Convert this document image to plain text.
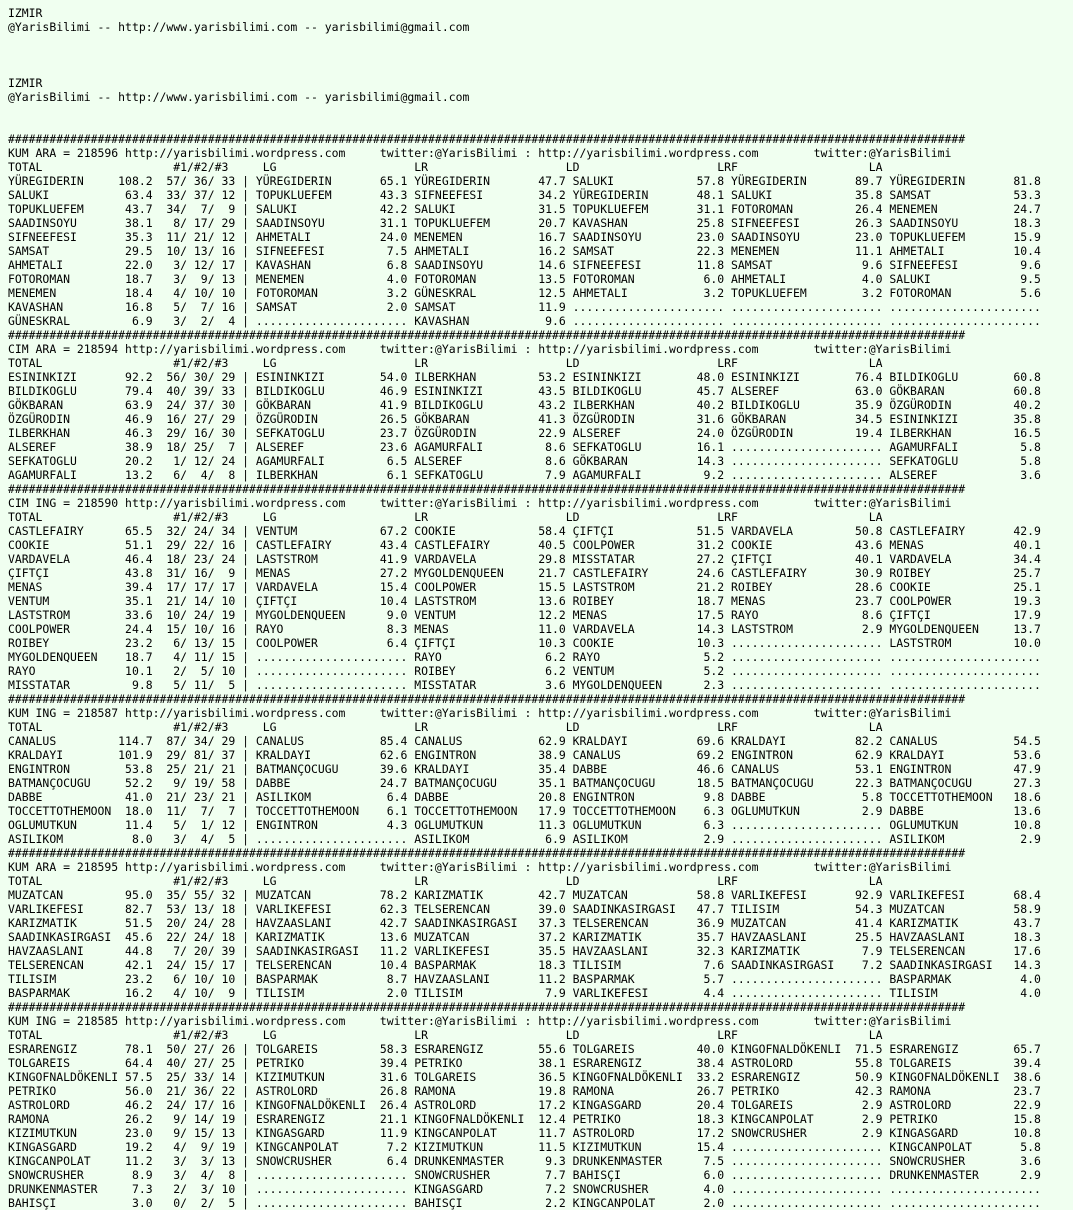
IZMIR
@YarisBilimi -- http://www.yarisbilimi.com -- yarisbilimi@gmail.com
IZMIR
@YarisBilimi -- http://www.yarisbilimi.com -- yarisbilimi@gmail.com
###########################################################################################################################################
KUM ARA = 218596 http://yarisbilimi.wordpress.com     twitter:@YarisBilimi : http://yarisbilimi.wordpress.com        twitter:@YarisBilimi
TOTAL                   #1/#2/#3     LG                    LR                    LD                    LRF                   LA
YÜREGIDERIN     108.2  57/ 36/ 33 | YÜREGIDERIN       65.1 YÜREGIDERIN       47.7 SALUKI            57.8 YÜREGIDERIN       89.7 YÜREGIDERIN       81.8
SALUKI           63.4  33/ 37/ 12 | TOPUKLUEFEM       43.3 SIFNEEFESI        34.2 YÜREGIDERIN       48.1 SALUKI            35.8 SAMSAT            53.3
TOPUKLUEFEM      43.7  34/  7/  9 | SALUKI            42.2 SALUKI            31.5 TOPUKLUEFEM       31.1 FOTOROMAN         26.4 MENEMEN           24.7
SAADINSOYU       38.1   8/ 17/ 29 | SAADINSOYU        31.1 TOPUKLUEFEM       20.7 KAVASHAN          25.8 SIFNEEFESI        26.3 SAADINSOYU        18.3
SIFNEEFESI       35.3  11/ 21/ 12 | AHMETALI          24.0 MENEMEN           16.7 SAADINSOYU        23.0 SAADINSOYU        23.0 TOPUKLUEFEM       15.9
SAMSAT           29.5  10/ 13/ 16 | SIFNEEFESI         7.5 AHMETALI          16.2 SAMSAT            22.3 MENEMEN           11.1 AHMETALI          10.4
AHMETALI         22.0   3/ 12/ 17 | KAVASHAN           6.8 SAADINSOYU        14.6 SIFNEEFESI        11.8 SAMSAT             9.6 SIFNEEFESI         9.6
FOTOROMAN        18.7   3/  9/ 13 | MENEMEN            4.0 FOTOROMAN         13.5 FOTOROMAN          6.0 AHMETALI           4.0 SALUKI             9.5
MENEMEN          18.4   4/ 10/ 10 | FOTOROMAN          3.2 GÜNESKRAL         12.5 AHMETALI           3.2 TOPUKLUEFEM        3.2 FOTOROMAN          5.6
KAVASHAN         16.8   5/  7/ 16 | SAMSAT             2.0 SAMSAT            11.9 ...................... ...................... ......................
GÜNESKRAL         6.9   3/  2/  4 | ...................... KAVASHAN           9.6 ...................... ...................... ......................
###########################################################################################################################################
CIM ARA = 218594 http://yarisbilimi.wordpress.com     twitter:@YarisBilimi : http://yarisbilimi.wordpress.com        twitter:@YarisBilimi
TOTAL                   #1/#2/#3     LG                    LR                    LD                    LRF                   LA
ESININKIZI       92.2  56/ 30/ 29 | ESININKIZI        54.0 ILBERKHAN         53.2 ESININKIZI        48.0 ESININKIZI        76.4 BILDIKOGLU        60.8
BILDIKOGLU       79.4  40/ 39/ 33 | BILDIKOGLU        46.9 ESININKIZI        43.5 BILDIKOGLU        45.7 ALSEREF           63.0 GÖKBARAN          60.8
GÖKBARAN         63.9  24/ 37/ 30 | GÖKBARAN          41.9 BILDIKOGLU        43.2 ILBERKHAN         40.2 BILDIKOGLU        35.9 ÖZGÜRODIN         40.2
ÖZGÜRODIN        46.9  16/ 27/ 29 | ÖZGÜRODIN         26.5 GÖKBARAN          41.3 ÖZGÜRODIN         31.6 GÖKBARAN          34.5 ESININKIZI        35.8
ILBERKHAN        46.3  29/ 16/ 30 | SEFKATOGLU        23.7 ÖZGÜRODIN         22.9 ALSEREF           24.0 ÖZGÜRODIN         19.4 ILBERKHAN         16.5
ALSEREF          38.9  18/ 25/  7 | ALSEREF           23.6 AGAMURFALI         8.6 SEFKATOGLU        16.1 ...................... AGAMURFALI         5.8
SEFKATOGLU       20.2   1/ 12/ 24 | AGAMURFALI         6.5 ALSEREF            8.6 GÖKBARAN          14.3 ...................... SEFKATOGLU         5.8
AGAMURFALI       13.2   6/  4/  8 | ILBERKHAN          6.1 SEFKATOGLU         7.9 AGAMURFALI         9.2 ...................... ALSEREF            3.6
###########################################################################################################################################
CIM ING = 218590 http://yarisbilimi.wordpress.com     twitter:@YarisBilimi : http://yarisbilimi.wordpress.com        twitter:@YarisBilimi
TOTAL                   #1/#2/#3     LG                    LR                    LD                    LRF                   LA
CASTLEFAIRY      65.5  32/ 24/ 34 | VENTUM            67.2 COOKIE            58.4 ÇIFTÇI            51.5 VARDAVELA         50.8 CASTLEFAIRY       42.9
COOKIE           51.1  29/ 22/ 16 | CASTLEFAIRY       43.4 CASTLEFAIRY       40.5 COOLPOWER         31.2 COOKIE            43.6 MENAS             40.1
VARDAVELA        46.4  18/ 23/ 24 | LASTSTROM         41.9 VARDAVELA         29.8 MISSTATAR         27.2 ÇIFTÇI            40.1 VARDAVELA         34.4
ÇIFTÇI           43.8  31/ 16/  9 | MENAS             27.2 MYGOLDENQUEEN     21.7 CASTLEFAIRY       24.6 CASTLEFAIRY       30.9 ROIBEY            25.7
MENAS            39.4  17/ 17/ 17 | VARDAVELA         15.4 COOLPOWER         15.5 LASTSTROM         21.2 ROIBEY            28.6 COOKIE            25.1
VENTUM           35.1  21/ 14/ 10 | ÇIFTÇI            10.4 LASTSTROM         13.6 ROIBEY            18.7 MENAS             23.7 COOLPOWER         19.3
LASTSTROM        33.6  10/ 24/ 19 | MYGOLDENQUEEN      9.0 VENTUM            12.2 MENAS             17.5 RAYO               8.6 ÇIFTÇI            17.9
COOLPOWER        24.4  15/ 10/ 16 | RAYO               8.3 MENAS             11.0 VARDAVELA         14.3 LASTSTROM          2.9 MYGOLDENQUEEN     13.7
ROIBEY           23.2   6/ 13/ 15 | COOLPOWER          6.4 ÇIFTÇI            10.3 COOKIE            10.3 ...................... LASTSTROM         10.0
MYGOLDENQUEEN    18.7   4/ 11/ 15 | ...................... RAYO               6.2 RAYO               5.2 ...................... ......................
RAYO             10.1   2/  5/ 10 | ...................... ROIBEY             6.2 VENTUM             5.2 ...................... ......................
MISSTATAR         9.8   5/ 11/  5 | ...................... MISSTATAR          3.6 MYGOLDENQUEEN      2.3 ...................... ......................
###########################################################################################################################################
KUM ING = 218587 http://yarisbilimi.wordpress.com     twitter:@YarisBilimi : http://yarisbilimi.wordpress.com        twitter:@YarisBilimi
TOTAL                   #1/#2/#3     LG                    LR                    LD                    LRF                   LA
CANALUS         114.7  87/ 34/ 29 | CANALUS           85.4 CANALUS           62.9 KRALDAYI          69.6 KRALDAYI          82.2 CANALUS           54.5
KRALDAYI        101.9  29/ 81/ 37 | KRALDAYI          62.6 ENGINTRON         38.9 CANALUS           69.2 ENGINTRON         62.9 KRALDAYI          53.6
ENGINTRON        53.8  25/ 21/ 21 | BATMANÇOCUGU      39.6 KRALDAYI          35.4 DABBE             46.6 CANALUS           53.1 ENGINTRON         47.9
BATMANÇOCUGU     52.2   9/ 19/ 58 | DABBE             24.7 BATMANÇOCUGU      35.1 BATMANÇOCUGU      18.5 BATMANÇOCUGU      22.3 BATMANÇOCUGU      27.3
DABBE            41.0  21/ 23/ 21 | ASILIKOM           6.4 DABBE             20.8 ENGINTRON          9.8 DABBE              5.8 TOCCETTOTHEMOON   18.6
TOCCETTOTHEMOON  18.0  11/  7/  7 | TOCCETTOTHEMOON    6.1 TOCCETTOTHEMOON   17.9 TOCCETTOTHEMOON    6.3 OGLUMUTKUN         2.9 DABBE             13.6
OGLUMUTKUN       11.4   5/  1/ 12 | ENGINTRON          4.3 OGLUMUTKUN        11.3 OGLUMUTKUN         6.3 ...................... OGLUMUTKUN        10.8
ASILIKOM          8.0   3/  4/  5 | ...................... ASILIKOM           6.9 ASILIKOM           2.9 ...................... ASILIKOM           2.9
###########################################################################################################################################
KUM ARA = 218595 http://yarisbilimi.wordpress.com     twitter:@YarisBilimi : http://yarisbilimi.wordpress.com        twitter:@YarisBilimi
TOTAL                   #1/#2/#3     LG                    LR                    LD                    LRF                   LA
MUZATCAN         95.0  35/ 55/ 32 | MUZATCAN          78.2 KARIZMATIK        42.7 MUZATCAN          58.8 VARLIKEFESI       92.9 VARLIKEFESI       68.4
VARLIKEFESI      82.7  53/ 13/ 18 | VARLIKEFESI       62.3 TELSERENCAN       39.0 SAADINKASIRGASI   47.7 TILISIM           54.3 MUZATCAN          58.9
KARIZMATIK       51.5  20/ 24/ 28 | HAVZAASLANI       42.7 SAADINKASIRGASI   37.3 TELSERENCAN       36.9 MUZATCAN          41.4 KARIZMATIK        43.7
SAADINKASIRGASI  45.6  22/ 24/ 18 | KARIZMATIK        13.6 MUZATCAN          37.2 KARIZMATIK        35.7 HAVZAASLANI       25.5 HAVZAASLANI       18.3
HAVZAASLANI      44.8   7/ 20/ 39 | SAADINKASIRGASI   11.2 VARLIKEFESI       35.5 HAVZAASLANI       32.3 KARIZMATIK         7.9 TELSERENCAN       17.6
TELSERENCAN      42.1  24/ 15/ 17 | TELSERENCAN       10.4 BASPARMAK         18.3 TILISIM            7.6 SAADINKASIRGASI    7.2 SAADINKASIRGASI   14.3
TILISIM          23.2   6/ 10/ 10 | BASPARMAK          8.7 HAVZAASLANI       11.2 BASPARMAK          5.7 ...................... BASPARMAK          4.0
BASPARMAK        16.2   4/ 10/  9 | TILISIM            2.0 TILISIM            7.9 VARLIKEFESI        4.4 ...................... TILISIM            4.0
###########################################################################################################################################
KUM ING = 218585 http://yarisbilimi.wordpress.com     twitter:@YarisBilimi : http://yarisbilimi.wordpress.com        twitter:@YarisBilimi
TOTAL                   #1/#2/#3     LG                    LR                    LD                    LRF                   LA
ESRARENGIZ       78.1  50/ 27/ 26 | TOLGAREIS         58.3 ESRARENGIZ        55.6 TOLGAREIS         40.0 KINGOFNALDÖKENLI  71.5 ESRARENGIZ        65.7
TOLGAREIS        64.4  40/ 27/ 25 | PETRIKO           39.4 PETRIKO           38.1 ESRARENGIZ        38.4 ASTROLORD         55.8 TOLGAREIS         39.4
KINGOFNALDÖKENLI 57.5  25/ 33/ 14 | KIZIMUTKUN        31.6 TOLGAREIS         36.5 KINGOFNALDÖKENLI  33.2 ESRARENGIZ        50.9 KINGOFNALDÖKENLI  38.6
PETRIKO          56.0  21/ 36/ 22 | ASTROLORD         26.8 RAMONA            19.8 RAMONA            26.7 PETRIKO           42.3 RAMONA            23.7
ASTROLORD        46.2  24/ 17/ 16 | KINGOFNALDÖKENLI  26.4 ASTROLORD         17.2 KINGASGARD        20.4 TOLGAREIS          2.9 ASTROLORD         22.9
RAMONA           26.2   9/ 14/ 19 | ESRARENGIZ        21.1 KINGOFNALDÖKENLI  12.4 PETRIKO           18.3 KINGCANPOLAT       2.9 PETRIKO           15.8
KIZIMUTKUN       23.0   9/ 15/ 13 | KINGASGARD        11.9 KINGCANPOLAT      11.7 ASTROLORD         17.2 SNOWCRUSHER        2.9 KINGASGARD        10.8
KINGASGARD       19.2   4/  9/ 19 | KINGCANPOLAT       7.2 KIZIMUTKUN        11.5 KIZIMUTKUN        15.4 ...................... KINGCANPOLAT       5.8
KINGCANPOLAT     11.2   3/  3/ 13 | SNOWCRUSHER        6.4 DRUNKENMASTER      9.3 DRUNKENMASTER      7.5 ...................... SNOWCRUSHER        3.6
SNOWCRUSHER       8.9   3/  4/  8 | ...................... SNOWCRUSHER        7.7 BAHISÇI            6.0 ...................... DRUNKENMASTER      2.9
DRUNKENMASTER     7.3   2/  3/ 10 | ...................... KINGASGARD         7.2 SNOWCRUSHER        4.0 ...................... ......................
BAHISÇI           3.0   0/  2/  5 | ...................... BAHISÇI            2.2 KINGCANPOLAT       2.0 ...................... ......................
